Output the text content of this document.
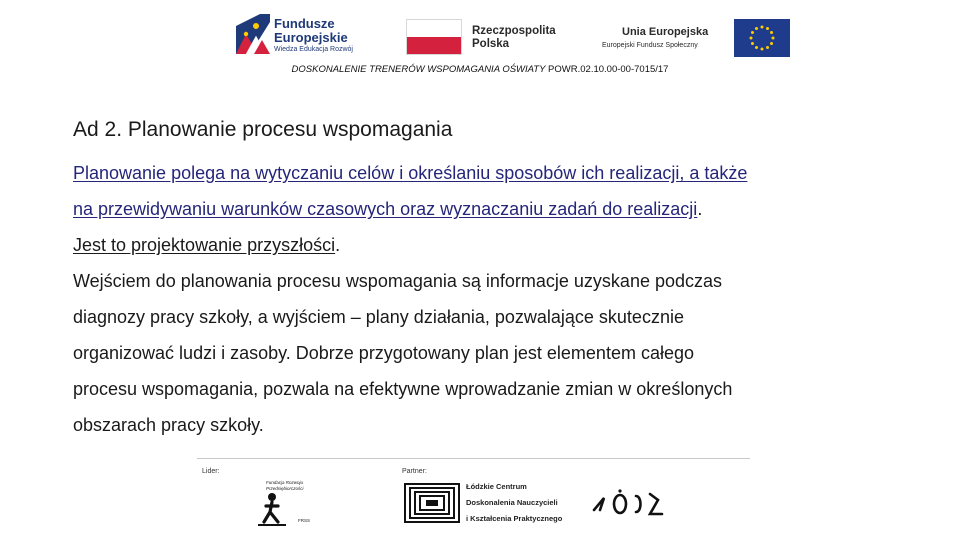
Fundusze
Europejskie
Wiedza Edukacja Rozwój
Rzeczpospolita
Polska
Unia Europejska
Europejski Fundusz Społeczny
DOSKONALENIE TRENERÓW WSPOMAGANIA OŚWIATY POWR.02.10.00-00-7015/17
Ad 2. Planowanie procesu wspomagania

Planowanie polega na wytyczaniu celów i określaniu sposobów ich realizacji, a także

na przewidywaniu warunków czasowych oraz wyznaczaniu zadań do realizacji.

Jest to projektowanie przyszłości.

Wejściem do planowania procesu wspomagania są informacje uzyskane podczas

diagnozy pracy szkoły, a wyjściem – plany działania, pozwalające skutecznie

organizować ludzi i zasoby. Dobrze przygotowany plan jest elementem całego

procesu wspomagania, pozwala na efektywne wprowadzanie zmian w określonych

obszarach pracy szkoły.

Lider:	Partner:
Fundacja Rozwoju
Przedsiębiorczości
FRSS
Łódzkie Centrum
Doskonalenia Nauczycieli
i Kształcenia Praktycznego
